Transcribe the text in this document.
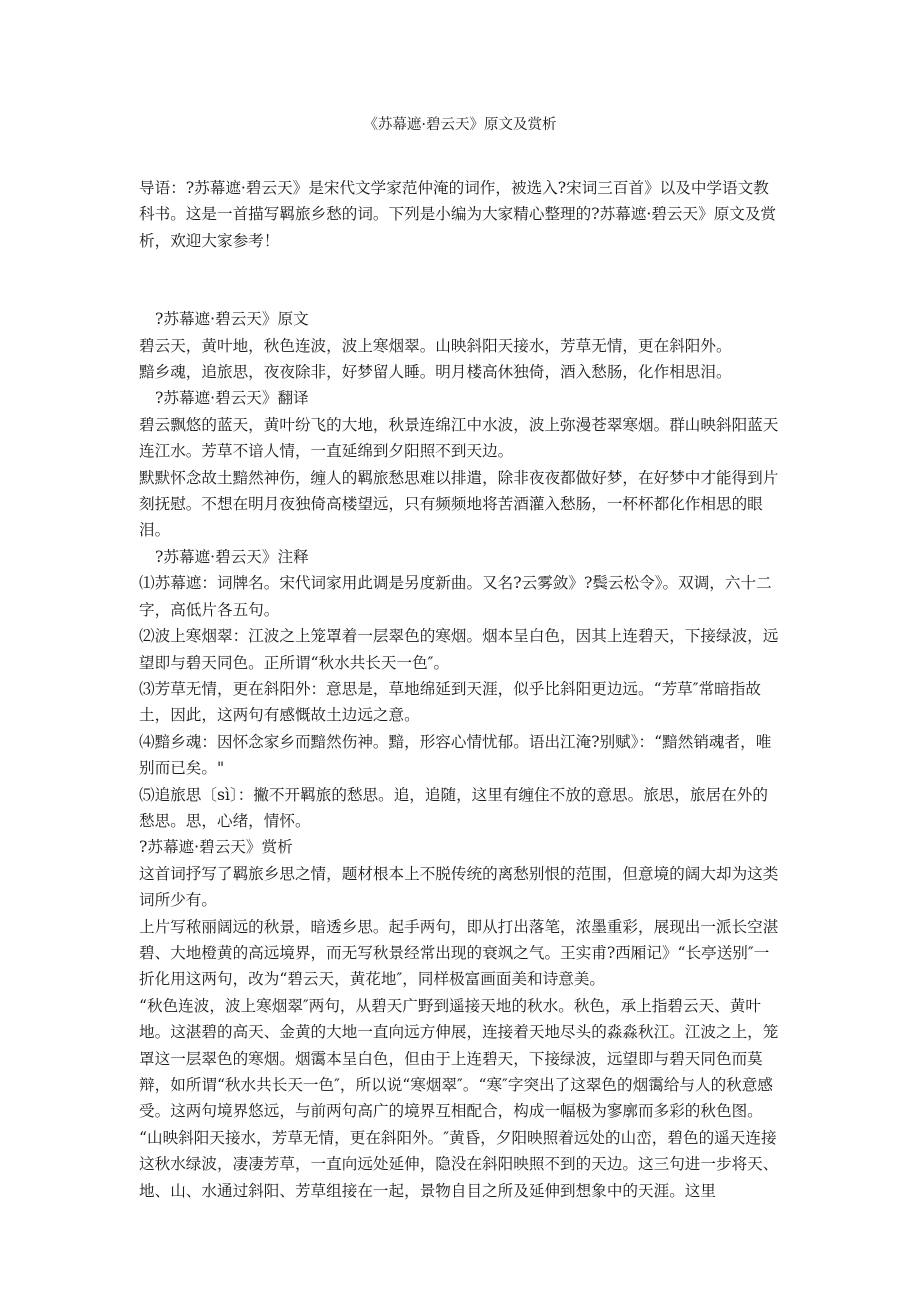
《苏幕遮·碧云天》原文及赏析

导语：?苏幕遮·碧云天》是宋代文学家范仲淹的词作，被选入?宋词三百首》以及中学语文教科书。这是一首描写羁旅乡愁的词。下列是小编为大家精心整理的?苏幕遮·碧云天》原文及赏析，欢迎大家参考！

?苏幕遮·碧云天》原文

碧云天，黄叶地，秋色连波，波上寒烟翠。山映斜阳天接水，芳草无情，更在斜阳外。

黯乡魂，追旅思，夜夜除非，好梦留人睡。明月楼高休独倚，酒入愁肠，化作相思泪。

?苏幕遮·碧云天》翻译

碧云飘悠的蓝天，黄叶纷飞的大地，秋景连绵江中水波，波上弥漫苍翠寒烟。群山映斜阳蓝天连江水。芳草不谙人情，一直延绵到夕阳照不到天边。

默默怀念故土黯然神伤，缠人的羁旅愁思难以排遣，除非夜夜都做好梦，在好梦中才能得到片刻抚慰。不想在明月夜独倚高楼望远，只有频频地将苦酒灌入愁肠，一杯杯都化作相思的眼泪。

?苏幕遮·碧云天》注释

⑴苏幕遮：词牌名。宋代词家用此调是另度新曲。又名?云雾敛》?鬓云松令》。双调，六十二字，高低片各五句。

⑵波上寒烟翠：江波之上笼罩着一层翠色的寒烟。烟本呈白色，因其上连碧天，下接绿波，远望即与碧天同色。正所谓“秋水共长天一色″。

⑶芳草无情，更在斜阳外：意思是，草地绵延到天涯，似乎比斜阳更边远。“芳草″常暗指故土，因此，这两句有感慨故土边远之意。

⑷黯乡魂：因怀念家乡而黯然伤神。黯，形容心情忧郁。语出江淹?别赋》：“黯然销魂者，唯别而已矣。"

⑸追旅思〔sì〕：撇不开羁旅的愁思。追，追随，这里有缠住不放的意思。旅思，旅居在外的愁思。思，心绪，情怀。

?苏幕遮·碧云天》赏析

这首词抒写了羁旅乡思之情，题材根本上不脱传统的离愁别恨的范围，但意境的阔大却为这类词所少有。

上片写秾丽阔远的秋景，暗透乡思。起手两句，即从打出落笔，浓墨重彩，展现出一派长空湛碧、大地橙黄的高远境界，而无写秋景经常出现的衰飒之气。王实甫?西厢记》“长亭送别″一折化用这两句，改为“碧云天，黄花地″，同样极富画面美和诗意美。

“秋色连波，波上寒烟翠″两句，从碧天广野到遥接天地的秋水。秋色，承上指碧云天、黄叶地。这湛碧的高天、金黄的大地一直向远方伸展，连接着天地尽头的淼淼秋江。江波之上，笼罩这一层翠色的寒烟。烟霭本呈白色，但由于上连碧天，下接绿波，远望即与碧天同色而莫辩，如所谓“秋水共长天一色″，所以说“寒烟翠″。“寒″字突出了这翠色的烟霭给与人的秋意感受。这两句境界悠远，与前两句高广的境界互相配合，构成一幅极为寥廓而多彩的秋色图。

“山映斜阳天接水，芳草无情，更在斜阳外。″黄昏，夕阳映照着远处的山峦，碧色的遥天连接这秋水绿波，凄凄芳草，一直向远处延伸，隐没在斜阳映照不到的天边。这三句进一步将天、地、山、水通过斜阳、芳草组接在一起，景物自目之所及延伸到想象中的天涯。这里
